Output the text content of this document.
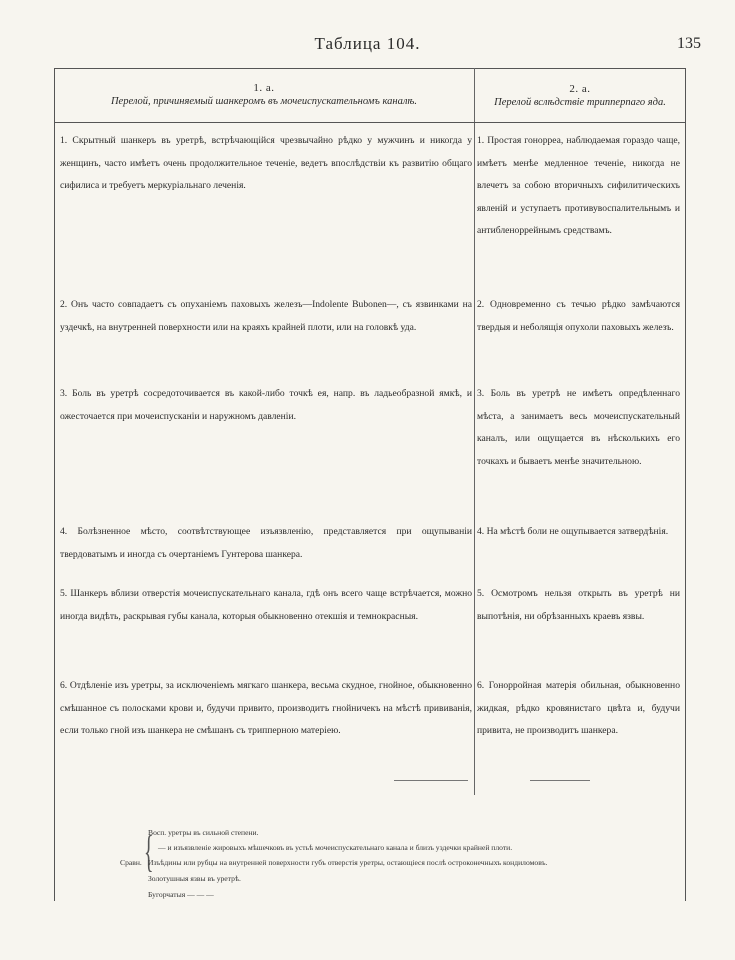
Таблица 104.	135
1. а.
Перелой, причиняемый шанкеромъ въ мочеиспускательномъ каналѣ.
2. а.
Перелой вслѣдствіе трипперпаго яда.
1. Скрытный шанкеръ въ уретрѣ, встрѣчающійся чрезвычайно рѣдко у мужчинъ и никогда у женщинъ, часто имѣетъ очень продолжительное теченіе, ведетъ впослѣдствіи къ развитію общаго сифилиса и требуетъ меркуріальнаго леченія.
1. Простая гонорреа, наблюдаемая гораздо чаще, имѣетъ менѣе медленное теченіе, никогда не влечетъ за собою вторичныхъ сифилитическихъ явленій и уступаетъ противувоспалительнымъ и антибленоррейнымъ средствамъ.
2. Онъ часто совпадаетъ съ опуханіемъ паховыхъ железъ—Indolente Bubonen—, съ язвинками на уздечкѣ, на внутренней поверхности или на краяхъ крайней плоти, или на головкѣ уда.
2. Одновременно съ течью рѣдко замѣчаются твердыя и неболящія опухоли паховыхъ железъ.
3. Боль въ уретрѣ сосредоточивается въ какой-либо точкѣ ея, напр. въ ладьеобразной ямкѣ, и ожесточается при мочеиспусканіи и наружномъ давленіи.
3. Боль въ уретрѣ не имѣетъ опредѣленнаго мѣста, а занимаетъ весь мочеиспускательный каналъ, или ощущается въ нѣсколькихъ его точкахъ и бываетъ менѣе значительною.
4. Болѣзненное мѣсто, соотвѣтствующее изъязвленію, представляется при ощупываніи твердоватымъ и иногда съ очертаніемъ Гунтерова шанкера.
4. На мѣстѣ боли не ощупывается затвердѣнія.
5. Шанкеръ вблизи отверстія мочеиспускательнаго канала, гдѣ онъ всего чаще встрѣчается, можно иногда видѣть, раскрывая губы канала, которыя обыкновенно отекшія и темнокрасныя.
5. Осмотромъ нельзя открыть въ уретрѣ ни выпотѣнія, ни обрѣзанныхъ краевъ язвы.
6. Отдѣленіе изъ уретры, за исключеніемъ мягкаго шанкера, весьма скудное, гнойное, обыкновенно смѣшанное съ полосками крови и, будучи привито, производитъ гнойничекъ на мѣстѣ прививанія, если только гной изъ шанкера не смѣшанъ съ трипперною матеріею.
6. Гонорройная матерія обильная, обыкновенно жидкая, рѣдко кровянистаго цвѣта и, будучи привита, не производитъ шанкера.
Сравн. {
Воcп. уретры въ сильной степени.
— и изъязвленіе жировыхъ мѣшечковъ въ устьѣ мочеиспускательнаго канала и близъ уздечки крайней плоти.
Изъѣдины или рубцы на внутренней поверхности губъ отверстія уретры, остающіеся послѣ остроконечныхъ кондиломовъ.
Золотушныя язвы въ уретрѣ.
Бугорчатыя — — —
